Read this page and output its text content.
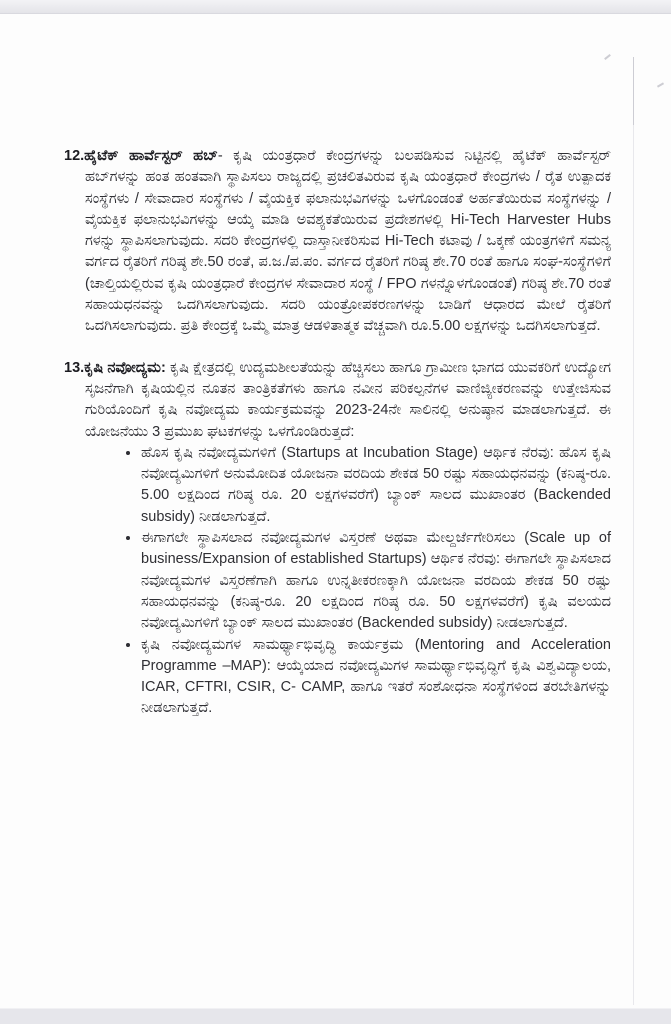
12.ಹೈಟೆಕ್ ಹಾರ್ವೆಸ್ಟರ್ ಹಬ್- ಕೃಷಿ ಯಂತ್ರಧಾರೆ ಕೇಂದ್ರಗಳನ್ನು ಬಲಪಡಿಸುವ ನಿಟ್ಟಿನಲ್ಲಿ ಹೈಟೆಕ್ ಹಾರ್ವೆಸ್ಟರ್ ಹಬ್‌ಗಳನ್ನು ಹಂತ ಹಂತವಾಗಿ ಸ್ಥಾಪಿಸಲು ರಾಜ್ಯದಲ್ಲಿ ಪ್ರಚಲಿತವಿರುವ ಕೃಷಿ ಯಂತ್ರಧಾರೆ ಕೇಂದ್ರಗಳು / ರೈತ ಉತ್ಪಾದಕ ಸಂಸ್ಥೆಗಳು / ಸೇವಾದಾರ ಸಂಸ್ಥೆಗಳು / ವೈಯಕ್ತಿಕ ಫಲಾನುಭವಿಗಳನ್ನು ಒಳಗೊಂಡಂತೆ ಅರ್ಹತೆಯಿರುವ ಸಂಸ್ಥೆಗಳನ್ನು / ವೈಯಕ್ತಿಕ ಫಲಾನುಭವಿಗಳನ್ನು ಆಯ್ಕೆ ಮಾಡಿ ಅವಶ್ಯಕತೆಯಿರುವ ಪ್ರದೇಶಗಳಲ್ಲಿ Hi-Tech Harvester Hubs ಗಳನ್ನು ಸ್ಥಾಪಿಸಲಾಗುವುದು. ಸದರಿ ಕೇಂದ್ರಗಳಲ್ಲಿ ದಾಸ್ತಾನೀಕರಿಸುವ Hi-Tech ಕಟಾವು / ಒಕ್ಕಣೆ ಯಂತ್ರಗಳಿಗೆ ಸಮನ್ಯ ವರ್ಗದ ರೈತರಿಗೆ ಗರಿಷ್ಠ ಶೇ.50 ರಂತೆ, ಪ.ಜ./ಪ.ಪಂ. ವರ್ಗದ ರೈತರಿಗೆ ಗರಿಷ್ಠ ಶೇ.70 ರಂತೆ ಹಾಗೂ ಸಂಘ-ಸಂಸ್ಥೆಗಳಿಗೆ (ಚಾಲ್ತಿಯಲ್ಲಿರುವ ಕೃಷಿ ಯಂತ್ರಧಾರೆ ಕೇಂದ್ರಗಳ ಸೇವಾದಾರ ಸಂಸ್ಥೆ / FPO ಗಳನ್ನೊಳಗೊಂಡಂತೆ) ಗರಿಷ್ಠ ಶೇ.70 ರಂತೆ ಸಹಾಯಧನವನ್ನು ಒದಗಿಸಲಾಗುವುದು. ಸದರಿ ಯಂತ್ರೋಪಕರಣಗಳನ್ನು ಬಾಡಿಗೆ ಆಧಾರದ ಮೇಲೆ ರೈತರಿಗೆ ಒದಗಿಸಲಾಗುವುದು. ಪ್ರತಿ ಕೇಂದ್ರಕ್ಕೆ ಒಮ್ಮೆ ಮಾತ್ರ ಆಡಳಿತಾತ್ಮಕ ವೆಚ್ಚವಾಗಿ ರೂ.5.00 ಲಕ್ಷಗಳನ್ನು ಒದಗಿಸಲಾಗುತ್ತದೆ.

13.ಕೃಷಿ ನವೋದ್ಯಮ: ಕೃಷಿ ಕ್ಷೇತ್ರದಲ್ಲಿ ಉದ್ಯಮಶೀಲತೆಯನ್ನು ಹೆಚ್ಚಿಸಲು ಹಾಗೂ ಗ್ರಾಮೀಣ ಭಾಗದ ಯುವಕರಿಗೆ ಉದ್ಯೋಗ ಸೃಜನೆಗಾಗಿ ಕೃಷಿಯಲ್ಲಿನ ನೂತನ ತಾಂತ್ರಿಕತೆಗಳು ಹಾಗೂ ನವೀನ ಪರಿಕಲ್ಪನೆಗಳ ವಾಣಿಜ್ಯೀಕರಣವನ್ನು ಉತ್ತೇಜಿಸುವ ಗುರಿಯೊಂದಿಗೆ ಕೃಷಿ ನವೋದ್ಯಮ ಕಾರ್ಯಕ್ರಮವನ್ನು 2023-24ನೇ ಸಾಲಿನಲ್ಲಿ ಅನುಷ್ಠಾನ ಮಾಡಲಾಗುತ್ತದೆ. ಈ ಯೋಜನೆಯು 3 ಪ್ರಮುಖ ಘಟಕಗಳನ್ನು ಒಳಗೊಂಡಿರುತ್ತದೆ:

• ಹೊಸ ಕೃಷಿ ನವೋದ್ಯಮಗಳಿಗೆ (Startups at Incubation Stage) ಆರ್ಥಿಕ ನೆರವು: ಹೊಸ ಕೃಷಿ ನವೋದ್ಯಮಿಗಳಿಗೆ ಅನುಮೋದಿತ ಯೋಜನಾ ವರದಿಯ ಶೇಕಡ 50 ರಷ್ಟು ಸಹಾಯಧನವನ್ನು (ಕನಿಷ್ಠ-ರೂ. 5.00 ಲಕ್ಷದಿಂದ ಗರಿಷ್ಠ ರೂ. 20 ಲಕ್ಷಗಳವರೆಗೆ) ಬ್ಯಾಂಕ್ ಸಾಲದ ಮುಖಾಂತರ (Backended subsidy) ನೀಡಲಾಗುತ್ತದೆ.
• ಈಗಾಗಲೇ ಸ್ಥಾಪಿಸಲಾದ ನವೋದ್ಯಮಗಳ ವಿಸ್ತರಣೆ ಅಥವಾ ಮೇಲ್ದರ್ಜೆಗೇರಿಸಲು (Scale up of business/Expansion of established Startups) ಆರ್ಥಿಕ ನೆರವು: ಈಗಾಗಲೇ ಸ್ಥಾಪಿಸಲಾದ ನವೋದ್ಯಮಗಳ ವಿಸ್ತರಣೆಗಾಗಿ ಹಾಗೂ ಉನ್ನತೀಕರಣಕ್ಕಾಗಿ ಯೋಜನಾ ವರದಿಯ ಶೇಕಡ 50 ರಷ್ಟು ಸಹಾಯಧನವನ್ನು (ಕನಿಷ್ಠ-ರೂ. 20 ಲಕ್ಷದಿಂದ ಗರಿಷ್ಠ ರೂ. 50 ಲಕ್ಷಗಳವರೆಗೆ) ಕೃಷಿ ವಲಯದ ನವೋದ್ಯಮಿಗಳಿಗೆ ಬ್ಯಾಂಕ್ ಸಾಲದ ಮುಖಾಂತರ (Backended subsidy) ನೀಡಲಾಗುತ್ತದೆ.
• ಕೃಷಿ ನವೋದ್ಯಮಗಳ ಸಾಮರ್ಥ್ಯಾಭಿವೃದ್ಧಿ ಕಾರ್ಯಕ್ರಮ (Mentoring and Acceleration Programme –MAP): ಆಯ್ಕೆಯಾದ ನವೋದ್ಯಮಿಗಳ ಸಾಮರ್ಥ್ಯಾಭಿವೃದ್ಧಿಗೆ ಕೃಷಿ ವಿಶ್ವವಿದ್ಯಾಲಯ, ICAR, CFTRI, CSIR, C- CAMP, ಹಾಗೂ ಇತರೆ ಸಂಶೋಧನಾ ಸಂಸ್ಥೆಗಳಿಂದ ತರಬೇತಿಗಳನ್ನು ನೀಡಲಾಗುತ್ತದೆ.
